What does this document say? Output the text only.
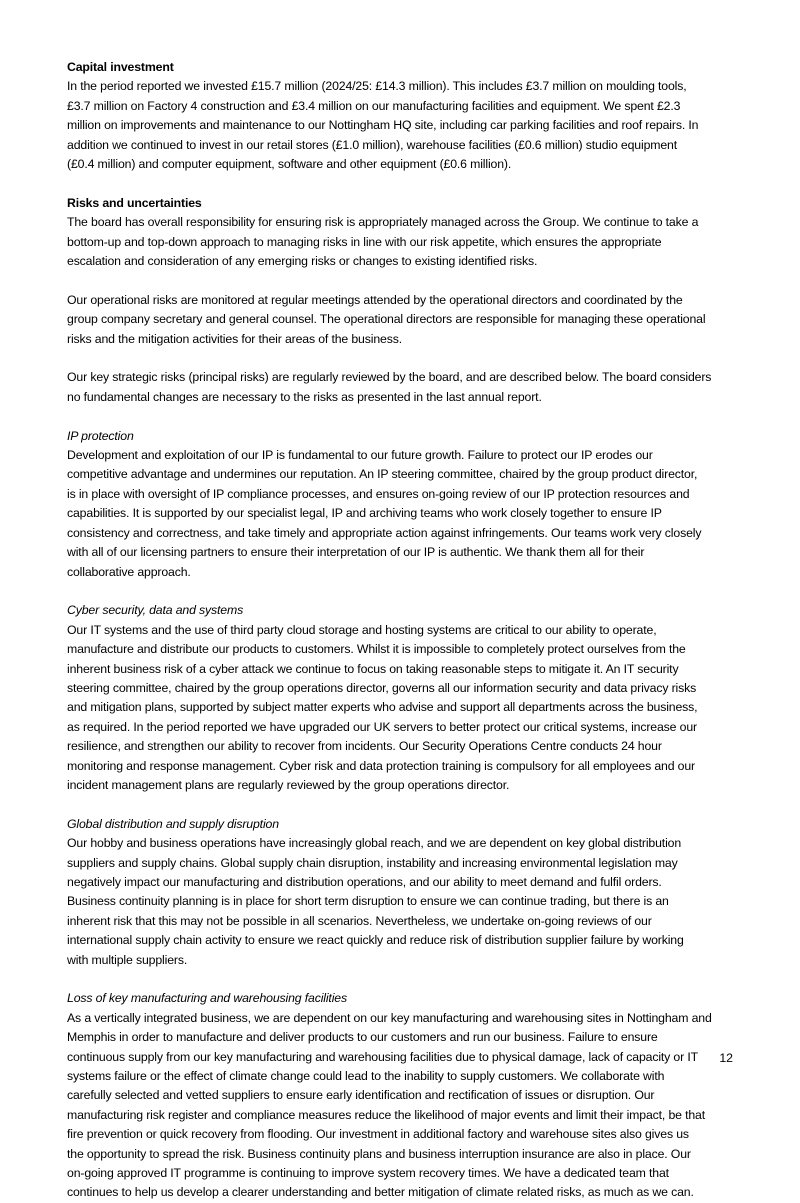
Capital investment
In the period reported we invested £15.7 million (2024/25: £14.3 million). This includes £3.7 million on moulding tools,
£3.7 million on Factory 4 construction and £3.4 million on our manufacturing facilities and equipment. We spent £2.3
million on improvements and maintenance to our Nottingham HQ site, including car parking facilities and roof repairs. In
addition we continued to invest in our retail stores (£1.0 million), warehouse facilities (£0.6 million) studio equipment
(£0.4 million) and computer equipment, software and other equipment (£0.6 million).
Risks and uncertainties
The board has overall responsibility for ensuring risk is appropriately managed across the Group. We continue to take a
bottom-up and top-down approach to managing risks in line with our risk appetite, which ensures the appropriate
escalation and consideration of any emerging risks or changes to existing identified risks.
Our operational risks are monitored at regular meetings attended by the operational directors and coordinated by the
group company secretary and general counsel. The operational directors are responsible for managing these operational
risks and the mitigation activities for their areas of the business.
Our key strategic risks (principal risks) are regularly reviewed by the board, and are described below. The board considers
no fundamental changes are necessary to the risks as presented in the last annual report.
IP protection
Development and exploitation of our IP is fundamental to our future growth. Failure to protect our IP erodes our
competitive advantage and undermines our reputation. An IP steering committee, chaired by the group product director,
is in place with oversight of IP compliance processes, and ensures on-going review of our IP protection resources and
capabilities. It is supported by our specialist legal, IP and archiving teams who work closely together to ensure IP
consistency and correctness, and take timely and appropriate action against infringements. Our teams work very closely
with all of our licensing partners to ensure their interpretation of our IP is authentic. We thank them all for their
collaborative approach.
Cyber security, data and systems
Our IT systems and the use of third party cloud storage and hosting systems are critical to our ability to operate,
manufacture and distribute our products to customers. Whilst it is impossible to completely protect ourselves from the
inherent business risk of a cyber attack we continue to focus on taking reasonable steps to mitigate it. An IT security
steering committee, chaired by the group operations director, governs all our information security and data privacy risks
and mitigation plans, supported by subject matter experts who advise and support all departments across the business,
as required. In the period reported we have upgraded our UK servers to better protect our critical systems, increase our
resilience, and strengthen our ability to recover from incidents. Our Security Operations Centre conducts 24 hour
monitoring and response management. Cyber risk and data protection training is compulsory for all employees and our
incident management plans are regularly reviewed by the group operations director.
Global distribution and supply disruption
Our hobby and business operations have increasingly global reach, and we are dependent on key global distribution
suppliers and supply chains. Global supply chain disruption, instability and increasing environmental legislation may
negatively impact our manufacturing and distribution operations, and our ability to meet demand and fulfil orders.
Business continuity planning is in place for short term disruption to ensure we can continue trading, but there is an
inherent risk that this may not be possible in all scenarios. Nevertheless, we undertake on-going reviews of our
international supply chain activity to ensure we react quickly and reduce risk of distribution supplier failure by working
with multiple suppliers.
Loss of key manufacturing and warehousing facilities
As a vertically integrated business, we are dependent on our key manufacturing and warehousing sites in Nottingham and
Memphis in order to manufacture and deliver products to our customers and run our business. Failure to ensure
continuous supply from our key manufacturing and warehousing facilities due to physical damage, lack of capacity or IT
systems failure or the effect of climate change could lead to the inability to supply customers. We collaborate with
carefully selected and vetted suppliers to ensure early identification and rectification of issues or disruption. Our
manufacturing risk register and compliance measures reduce the likelihood of major events and limit their impact, be that
fire prevention or quick recovery from flooding. Our investment in additional factory and warehouse sites also gives us
the opportunity to spread the risk. Business continuity plans and business interruption insurance are also in place. Our
on-going approved IT programme is continuing to improve system recovery times. We have a dedicated team that
continues to help us develop a clearer understanding and better mitigation of climate related risks, as much as we can.
12
